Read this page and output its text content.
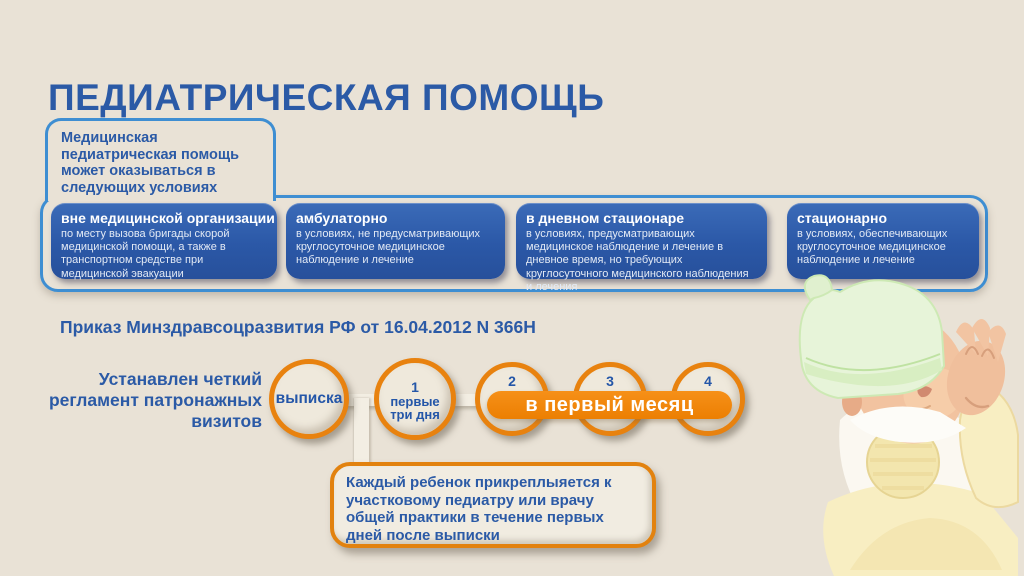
ПЕДИАТРИЧЕСКАЯ ПОМОЩЬ
Медицинская педиатрическая помощь может оказываться в следующих условиях
вне медицинской организации
по месту вызова бригады скорой медицинской помощи, а также в транспортном средстве при медицинской эвакуации
амбулаторно
в условиях, не предусматривающих круглосуточное медицинское наблюдение и лечение
в дневном стационаре
в условиях, предусматривающих медицинское наблюдение и лечение в дневное время, но требующих круглосуточного медицинского наблюдения и лечения
стационарно
в условиях, обеспечивающих круглосуточное медицинское наблюдение и лечение
Приказ Минздравсоцразвития РФ от 16.04.2012 N 366Н
Устанавлен четкий регламент патронажных визитов
выписка
1
первые три дня
2	3	4
в первый месяц
Каждый ребенок прикреплыяется к участковому педиатру или врачу общей практики в течение первых дней после выписки
